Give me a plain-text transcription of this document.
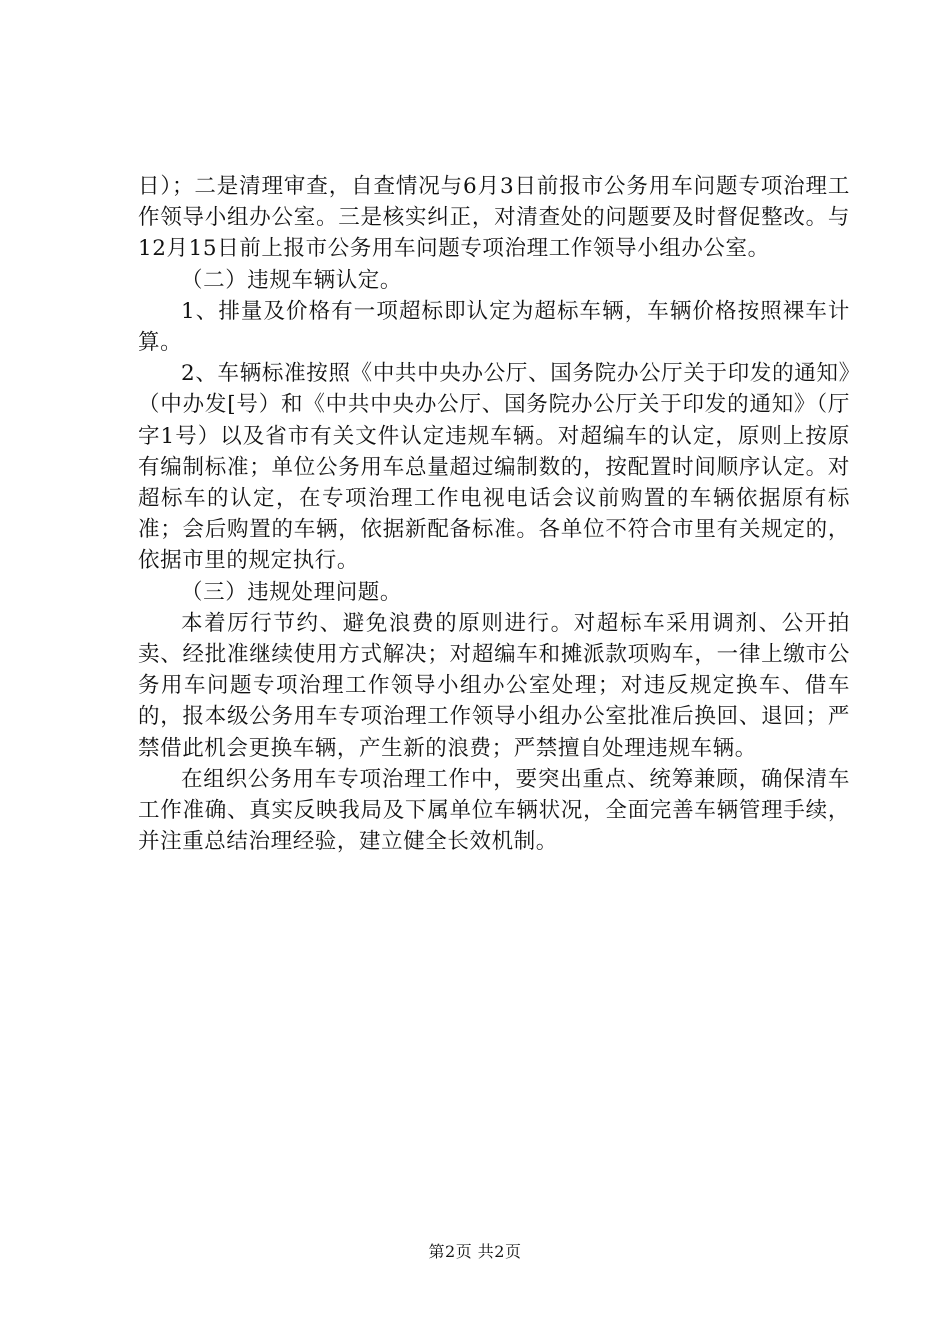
日）；二是清理审查，自查情况与6月3日前报市公务用车问题专项治理工作领导小组办公室。三是核实纠正，对清查处的问题要及时督促整改。与12月15日前上报市公务用车问题专项治理工作领导小组办公室。

（二）违规车辆认定。

1、排量及价格有一项超标即认定为超标车辆，车辆价格按照裸车计算。

2、车辆标准按照《中共中央办公厅、国务院办公厅关于印发的通知》（中办发[号）和《中共中央办公厅、国务院办公厅关于印发的通知》（厅字1号）以及省市有关文件认定违规车辆。对超编车的认定，原则上按原有编制标准；单位公务用车总量超过编制数的，按配置时间顺序认定。对超标车的认定，在专项治理工作电视电话会议前购置的车辆依据原有标准；会后购置的车辆，依据新配备标准。各单位不符合市里有关规定的，依据市里的规定执行。

（三）违规处理问题。

本着厉行节约、避免浪费的原则进行。对超标车采用调剂、公开拍卖、经批准继续使用方式解决；对超编车和摊派款项购车，一律上缴市公务用车问题专项治理工作领导小组办公室处理；对违反规定换车、借车的，报本级公务用车专项治理工作领导小组办公室批准后换回、退回；严禁借此机会更换车辆，产生新的浪费；严禁擅自处理违规车辆。

在组织公务用车专项治理工作中，要突出重点、统筹兼顾，确保清车工作准确、真实反映我局及下属单位车辆状况，全面完善车辆管理手续，并注重总结治理经验，建立健全长效机制。

第2页 共2页
